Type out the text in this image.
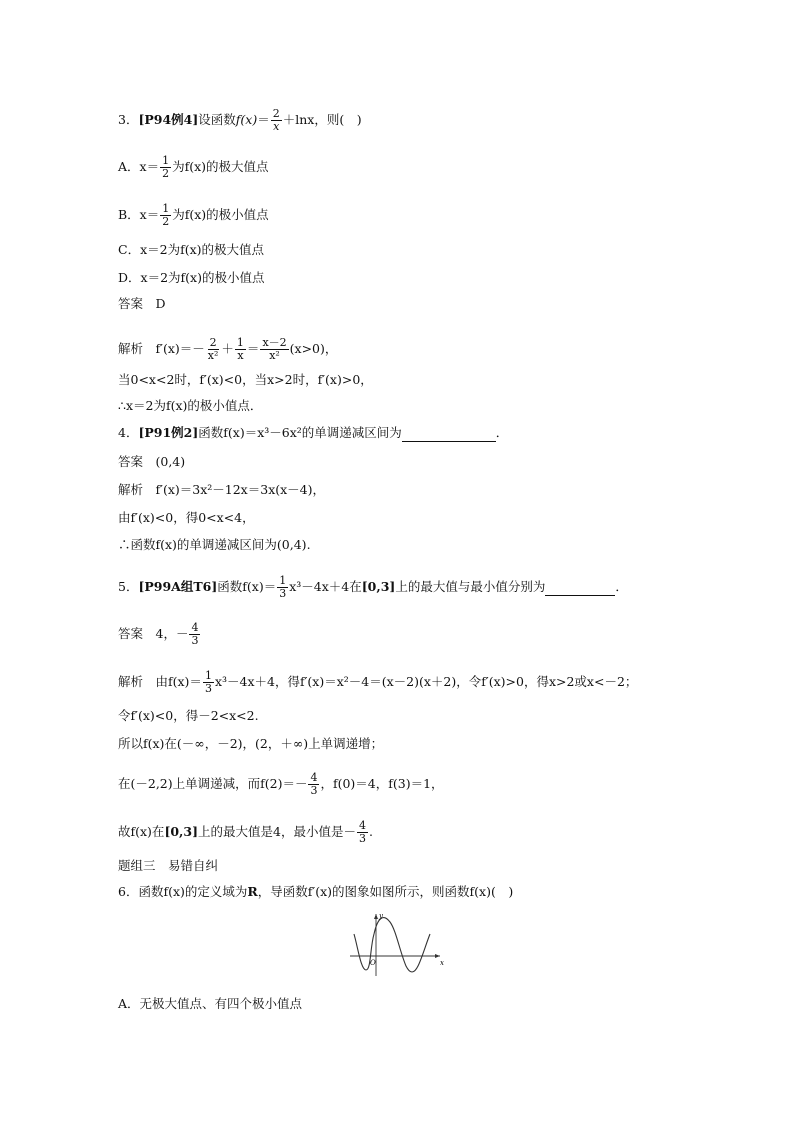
3．[P94例4]设函数$f(x)= \frac{2}{x} +\ln x$，则(　)
A．$x= \frac{1}{2}$ 为f(x)的极大值点
B．$x= \frac{1}{2}$ 为f(x)的极小值点
C．x＝2为f(x)的极大值点
D．x＝2为f(x)的极小值点
答案　D
解析　$f'(x)=- \frac{2}{\text{x²}} + \frac{1}{x} = \frac{x-2}{\text{x²}} (x>0)$，
当0<x<2时，f′(x)<0，当x>2时，f′(x)>0，
∴x＝2为f(x)的极小值点．
4．[P91例2]函数f(x)＝x³－6x²的单调递减区间为	．
答案　(0,4)
解析　f′(x)＝3x²－12x＝3x(x－4)，
由f′(x)<0，得0<x<4，
∴函数f(x)的单调递减区间为(0,4).
5．[P99A组T6]函数$f(x)= \frac{1}{3} x^3-4x+4$在[0,3]上的最大值与最小值分别为	．
答案　4，－ $\frac{4}{3}$
解析　由$f(x)= \frac{1}{3} x^3-4x+4$，得f′(x)＝x²－4＝(x－2)(x＋2)，令f′(x)>0，得x>2或x<－2；
令f′(x)<0，得－2<x<2.
所以f(x)在(－∞，－2)，(2，＋∞)上单调递增；
在(－2,2)上单调递减，而$f(2)=- \frac{4}{3}$ ，f(0)＝4，f(3)＝1，
故f(x)在[0,3]上的最大值是4，最小值是－ $\frac{4}{3}$ .
题组三　易错自纠
6．函数f(x)的定义域为R，导函数f′(x)的图象如图所示，则函数f(x)(　)
y
x
O
A．无极大值点、有四个极小值点
